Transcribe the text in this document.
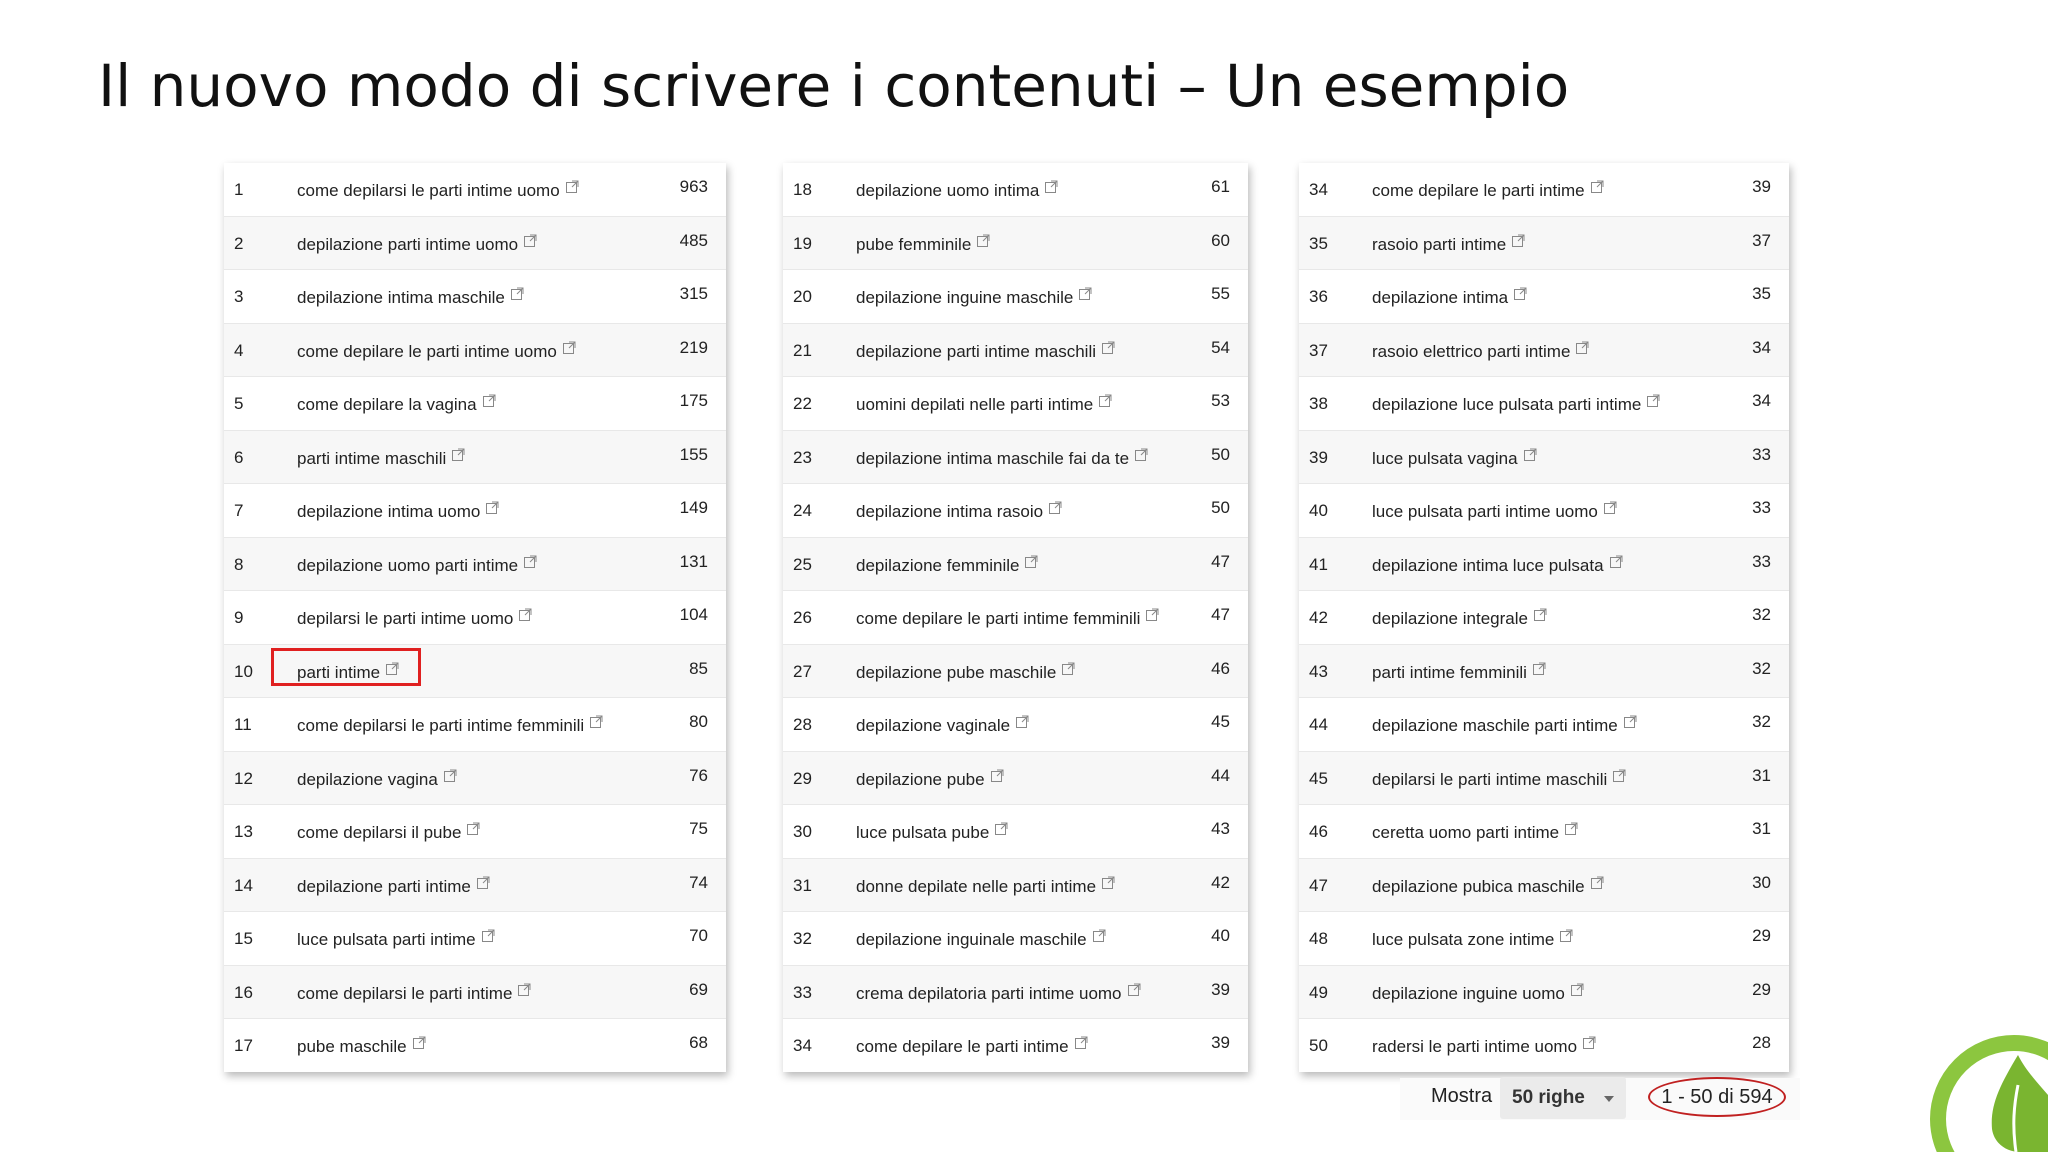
Il nuovo modo di scrivere i contenuti – Un esempio
1	come depilarsi le parti intime uomo	963
2	depilazione parti intime uomo	485
3	depilazione intima maschile	315
4	come depilare le parti intime uomo	219
5	come depilare la vagina	175
6	parti intime maschili	155
7	depilazione intima uomo	149
8	depilazione uomo parti intime	131
9	depilarsi le parti intime uomo	104
10	parti intime	85
11	come depilarsi le parti intime femminili	80
12	depilazione vagina	76
13	come depilarsi il pube	75
14	depilazione parti intime	74
15	luce pulsata parti intime	70
16	come depilarsi le parti intime	69
17	pube maschile	68
18	depilazione uomo intima	61
19	pube femminile	60
20	depilazione inguine maschile	55
21	depilazione parti intime maschili	54
22	uomini depilati nelle parti intime	53
23	depilazione intima maschile fai da te	50
24	depilazione intima rasoio	50
25	depilazione femminile	47
26	come depilare le parti intime femminili	47
27	depilazione pube maschile	46
28	depilazione vaginale	45
29	depilazione pube	44
30	luce pulsata pube	43
31	donne depilate nelle parti intime	42
32	depilazione inguinale maschile	40
33	crema depilatoria parti intime uomo	39
34	come depilare le parti intime	39
34	come depilare le parti intime	39
35	rasoio parti intime	37
36	depilazione intima	35
37	rasoio elettrico parti intime	34
38	depilazione luce pulsata parti intime	34
39	luce pulsata vagina	33
40	luce pulsata parti intime uomo	33
41	depilazione intima luce pulsata	33
42	depilazione integrale	32
43	parti intime femminili	32
44	depilazione maschile parti intime	32
45	depilarsi le parti intime maschili	31
46	ceretta uomo parti intime	31
47	depilazione pubica maschile	30
48	luce pulsata zone intime	29
49	depilazione inguine uomo	29
50	radersi le parti intime uomo	28
Mostra 50 righe	1 - 50 di 594
